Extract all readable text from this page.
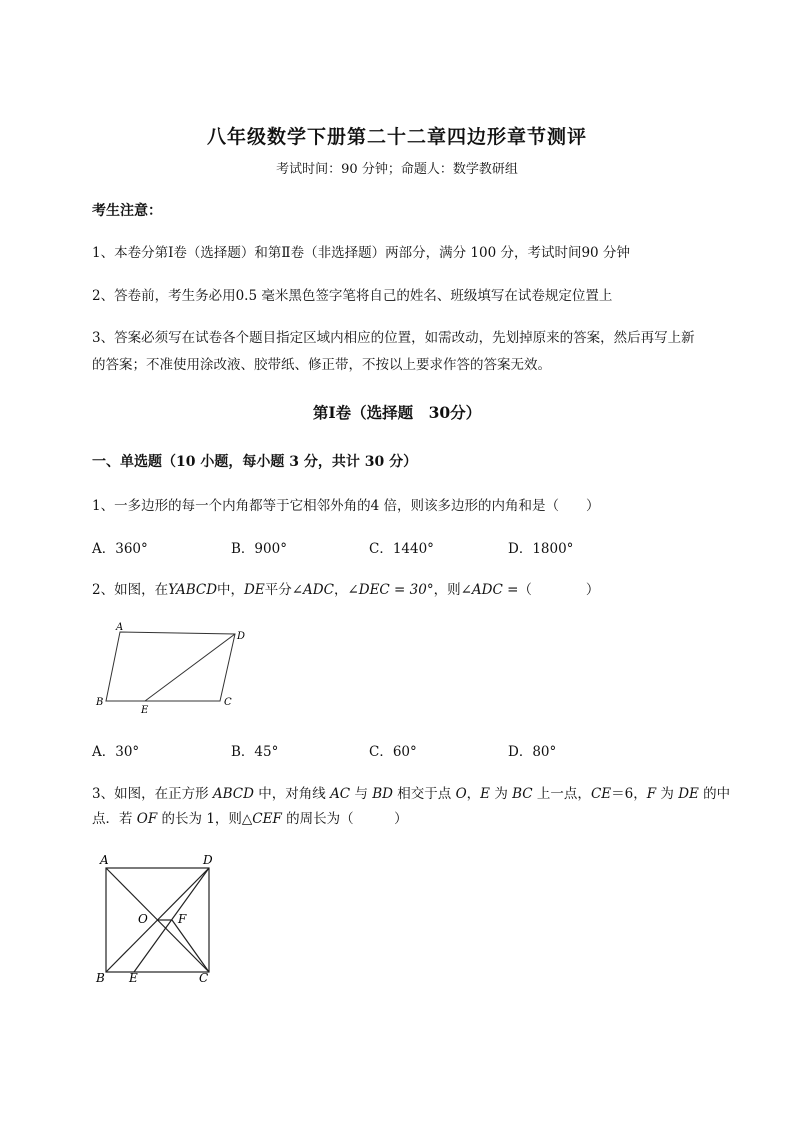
八年级数学下册第二十二章四边形章节测评
考试时间：90 分钟；命题人：数学教研组
考生注意：
1、本卷分第Ⅰ卷（选择题）和第Ⅱ卷（非选择题）两部分，满分 100 分，考试时间90 分钟
2、答卷前，考生务必用0.5 毫米黑色签字笔将自己的姓名、班级填写在试卷规定位置上
3、答案必须写在试卷各个题目指定区域内相应的位置，如需改动，先划掉原来的答案，然后再写上新
的答案；不准使用涂改液、胶带纸、修正带，不按以上要求作答的答案无效。
第Ⅰ卷（选择题　30分）
一、单选题（10 小题，每小题 3 分，共计 30 分）
1、一多边形的每一个内角都等于它相邻外角的4 倍，则该多边形的内角和是（　　）
A．360°	B．900°	C．1440°	D．1800°
2、如图，在YABCD中，DE平分∠ADC，∠DEC = 30°，则∠ADC =（　　　　）
A
D
B	C
E
A．30°	B．45°	C．60°	D．80°
3、如图，在正方形 ABCD 中，对角线 AC 与 BD 相交于点 O，E 为 BC 上一点，CE＝6，F 为 DE 的中
点．若 OF 的长为 1，则△CEF 的周长为（　　　）
A	D
B E	C
O	F
